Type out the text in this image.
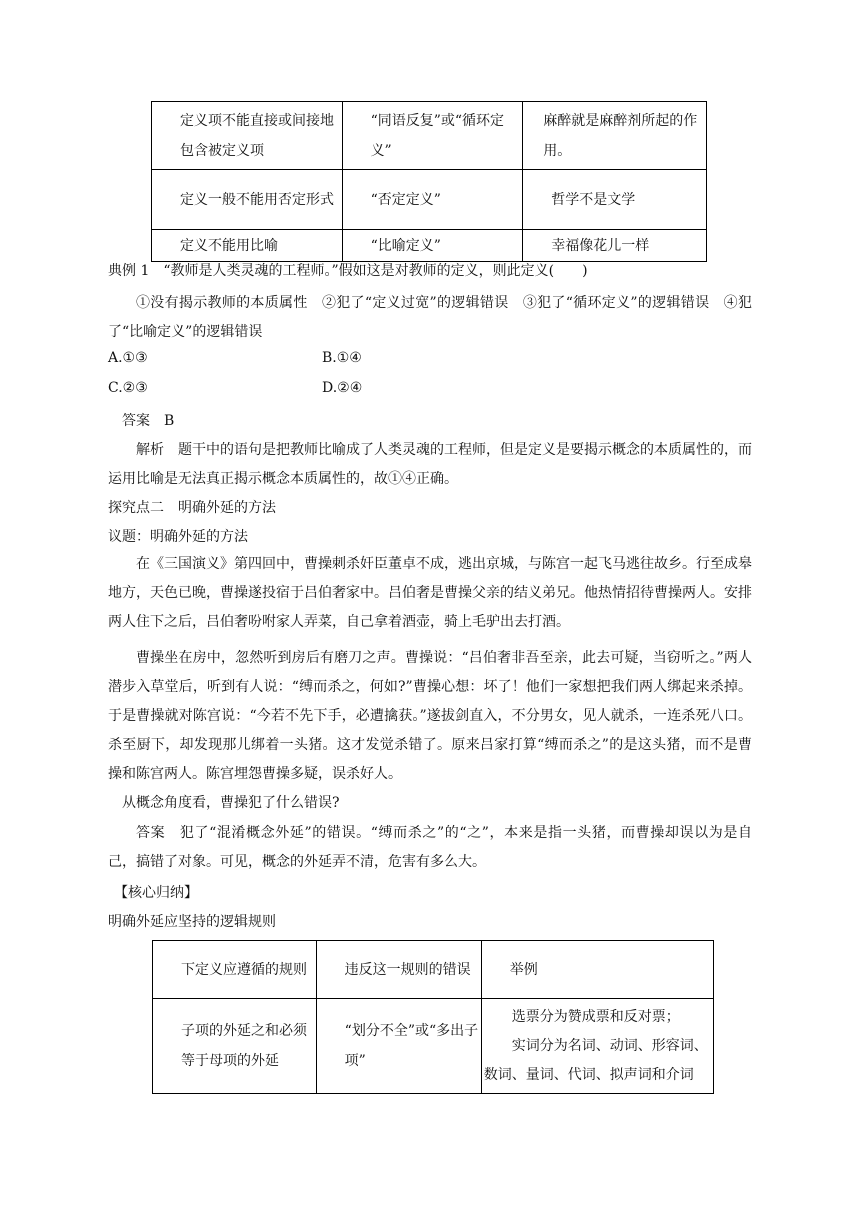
定义项不能直接或间接地包含被定义项	“同语反复”或“循环定义”	麻醉就是麻醉剂所起的作用。
定义一般不能用否定形式	“否定定义”	哲学不是文学
定义不能用比喻	“比喻定义”	幸福像花儿一样
典例 1　“教师是人类灵魂的工程师。”假如这是对教师的定义，则此定义(　　)
①没有揭示教师的本质属性　②犯了“定义过宽”的逻辑错误　③犯了“循环定义”的逻辑错误　④犯了“比喻定义”的逻辑错误
A.①③	B.①④
C.②③	D.②④
答案　B
解析　题干中的语句是把教师比喻成了人类灵魂的工程师，但是定义是要揭示概念的本质属性的，而运用比喻是无法真正揭示概念本质属性的，故①④正确。
探究点二　明确外延的方法
议题：明确外延的方法
在《三国演义》第四回中，曹操刺杀奸臣董卓不成，逃出京城，与陈宫一起飞马逃往故乡。行至成皋地方，天色已晚，曹操遂投宿于吕伯奢家中。吕伯奢是曹操父亲的结义弟兄。他热情招待曹操两人。安排两人住下之后，吕伯奢吩咐家人弄菜，自己拿着酒壶，骑上毛驴出去打酒。
曹操坐在房中，忽然听到房后有磨刀之声。曹操说：“吕伯奢非吾至亲，此去可疑，当窃听之。”两人潜步入草堂后，听到有人说：“缚而杀之，何如?”曹操心想：坏了！他们一家想把我们两人绑起来杀掉。于是曹操就对陈宫说：“今若不先下手，必遭擒获。”遂拔剑直入，不分男女，见人就杀，一连杀死八口。杀至厨下，却发现那儿绑着一头猪。这才发觉杀错了。原来吕家打算“缚而杀之”的是这头猪，而不是曹操和陈宫两人。陈宫埋怨曹操多疑，误杀好人。
从概念角度看，曹操犯了什么错误?
答案　犯了“混淆概念外延”的错误。“缚而杀之”的“之”，本来是指一头猪，而曹操却误以为是自己，搞错了对象。可见，概念的外延弄不清，危害有多么大。
【核心归纳】
明确外延应坚持的逻辑规则
下定义应遵循的规则	违反这一规则的错误	举例
子项的外延之和必须等于母项的外延	“划分不全”或“多出子项”	选票分为赞成票和反对票；
实词分为名词、动词、形容词、数词、量词、代词、拟声词和介词
